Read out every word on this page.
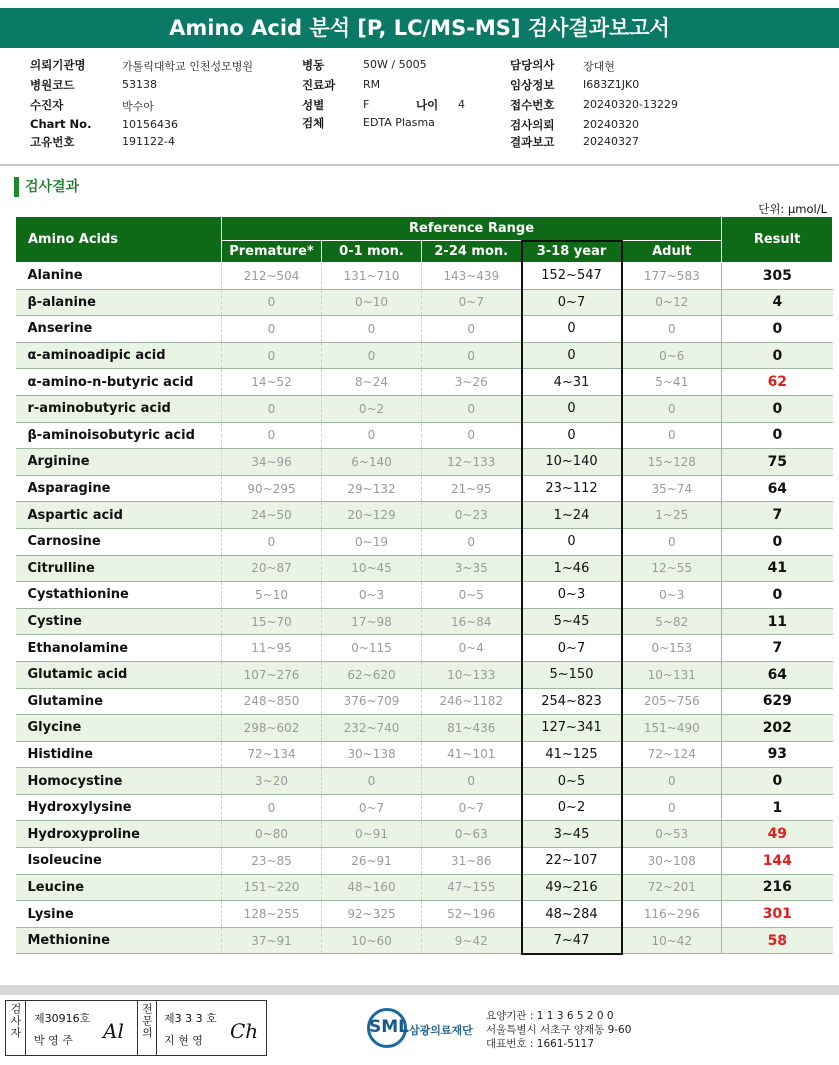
Amino Acid 분석 [P, LC/MS-MS] 검사결과보고서
의뢰기관명	가톨릭대학교 인천성모병원
병원코드	53138
수진자	박수아
Chart No.	10156436
고유번호	191122-4
병동	50W / 5005
진료과	RM
성별	F	나이 4
검체	EDTA Plasma
담당의사	장대현
임상정보	I683Z1JK0
접수번호	20240320-13229
검사의뢰	20240320
결과보고	20240327
검사결과
단위: μmol/L
Amino Acids	Reference Range					Result
	Premature*	0-1 mon.	2-24 mon.	3-18 year	Adult	
Alanine	212~504	131~710	143~439	152~547	177~583	305
β-alanine	0	0~10	0~7	0~7	0~12	4
Anserine	0	0	0	0	0	0
α-aminoadipic acid	0	0	0	0	0~6	0
α-amino-n-butyric acid	14~52	8~24	3~26	4~31	5~41	62
r-aminobutyric acid	0	0~2	0	0	0	0
β-aminoisobutyric acid	0	0	0	0	0	0
Arginine	34~96	6~140	12~133	10~140	15~128	75
Asparagine	90~295	29~132	21~95	23~112	35~74	64
Aspartic acid	24~50	20~129	0~23	1~24	1~25	7
Carnosine	0	0~19	0	0	0	0
Citrulline	20~87	10~45	3~35	1~46	12~55	41
Cystathionine	5~10	0~3	0~5	0~3	0~3	0
Cystine	15~70	17~98	16~84	5~45	5~82	11
Ethanolamine	11~95	0~115	0~4	0~7	0~153	7
Glutamic acid	107~276	62~620	10~133	5~150	10~131	64
Glutamine	248~850	376~709	246~1182	254~823	205~756	629
Glycine	298~602	232~740	81~436	127~341	151~490	202
Histidine	72~134	30~138	41~101	41~125	72~124	93
Homocystine	3~20	0	0	0~5	0	0
Hydroxylysine	0	0~7	0~7	0~2	0	1
Hydroxyproline	0~80	0~91	0~63	3~45	0~53	49
Isoleucine	23~85	26~91	31~86	22~107	30~108	144
Leucine	151~220	48~160	47~155	49~216	72~201	216
Lysine	128~255	92~325	52~196	48~284	116~296	301
Methionine	37~91	10~60	9~42	7~47	10~42	58
검사자	제30916호
박 영 주 Al	전문의 제3 3 3 호
지 현 영 Ch	SML 삼광의료재단
요양기관 : 1 1 3 6 5 2 0 0
서울특별시 서초구 양재동 9-60
대표번호 : 1661-5117
